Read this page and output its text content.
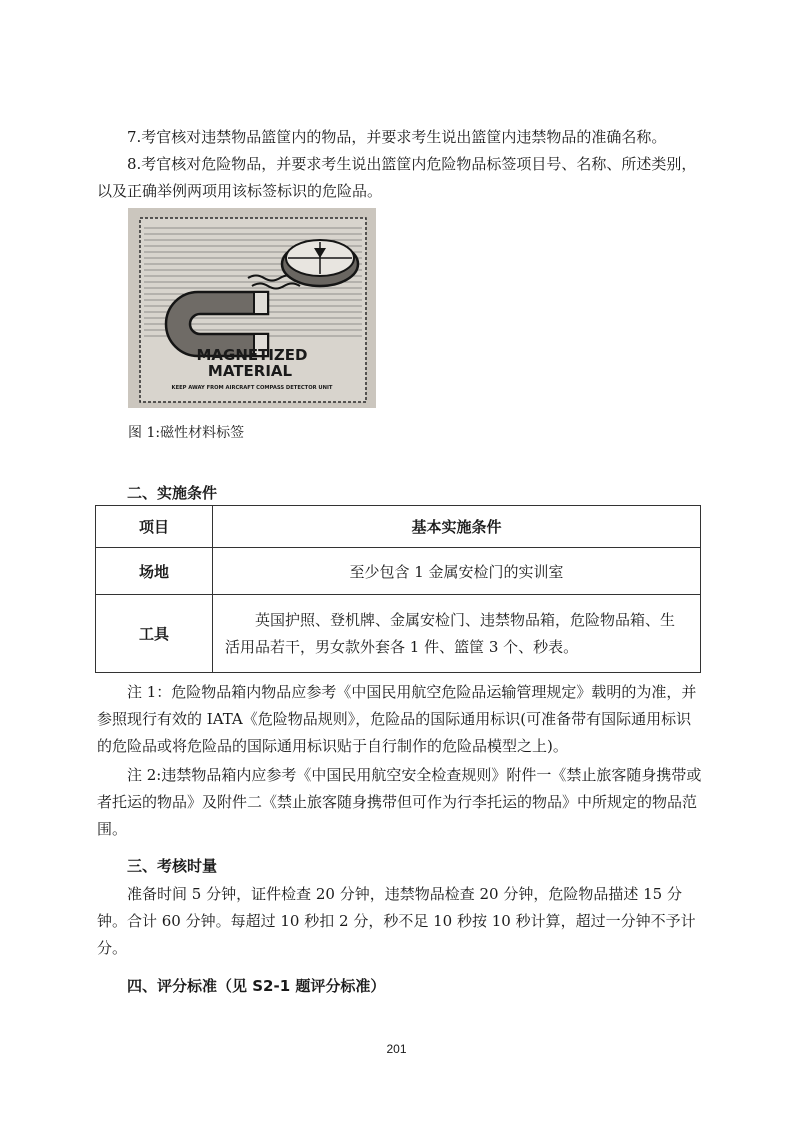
7.考官核对违禁物品篮筐内的物品，并要求考生说出篮筐内违禁物品的准确名称。

8.考官核对危险物品，并要求考生说出篮筐内危险物品标签项目号、名称、所述类别，以及正确举例两项用该标签标识的危险品。

MAGNETIZED
MATERIAL
KEEP AWAY FROM AIRCRAFT COMPASS DETECTOR UNIT

图 1:磁性材料标签

二、实施条件

项目	基本实施条件
场地	至少包含 1 金属安检门的实训室
工具	英国护照、登机牌、金属安检门、违禁物品箱，危险物品箱、生活用品若干，男女款外套各 1 件、篮筐 3 个、秒表。

注 1：危险物品箱内物品应参考《中国民用航空危险品运输管理规定》载明的为准，并参照现行有效的 IATA《危险物品规则》，危险品的国际通用标识(可准备带有国际通用标识的危险品或将危险品的国际通用标识贴于自行制作的危险品模型之上)。

注 2:违禁物品箱内应参考《中国民用航空安全检查规则》附件一《禁止旅客随身携带或者托运的物品》及附件二《禁止旅客随身携带但可作为行李托运的物品》中所规定的物品范围。

三、考核时量

准备时间 5 分钟，证件检查 20 分钟，违禁物品检查 20 分钟，危险物品描述 15 分钟。合计 60 分钟。每超过 10 秒扣 2 分，秒不足 10 秒按 10 秒计算，超过一分钟不予计分。

四、评分标准（见 S2-1 题评分标准）

201
